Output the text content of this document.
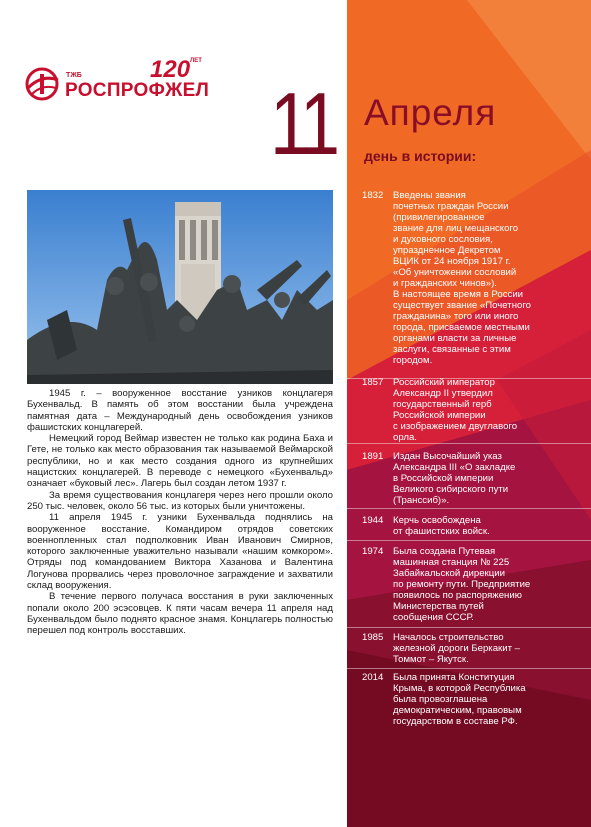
120 ЛЕТ
ТЖБ
РОСПРОФЖЕЛ 11 Апреля
день в истории:

1945 г. – вооруженное восстание узников концлагеря Бухенвальд. В память об этом восстании была учреждена памятная дата – Международный день освобождения узников фашистских концлагерей.

Немецкий город Веймар известен не только как родина Баха и Гете, не только как место образования так называемой Веймарской республики, но и как место создания одного из крупнейших нацистских концлагерей. В переводе с немецкого «Бухенвальд» означает «буковый лес». Лагерь был создан летом 1937 г.

За время существования концлагеря через него прошли около 250 тыс. человек, около 56 тыс. из которых были уничтожены.

11 апреля 1945 г. узники Бухенвальда поднялись на вооруженное восстание. Командиром отрядов советских военнопленных стал подполковник Иван Иванович Смирнов, которого заключенные уважительно называли «нашим комкором». Отряды под командованием Виктора Хазанова и Валентина Логунова прорвались через проволочное заграждение и захватили склад вооружения.

В течение первого получаса восстания в руки заключенных попали около 200 эсэсовцев. К пяти часам вечера 11 апреля над Бухенвальдом было поднято красное знамя. Концлагерь полностью перешел под контроль восставших.

1832	Введены звания
почетных граждан России
(привилегированное
звание для лиц мещанского
и духовного сословия,
упраздненное Декретом
ВЦИК от 24 ноября 1917 г.
«Об уничтожении сословий
и гражданских чинов»).
В настоящее время в России
существует звание «Почетного
гражданина» того или иного
города, присваемое местными
органами власти за личные
заслуги, связанные с этим
городом.
1857	Российский император
Александр II утвердил
государственный герб
Российской империи
с изображением двуглавого
орла.
1891	Издан Высочайший указ
Александра III «О закладке
в Российской империи
Великого сибирского пути
(Транссиб)».
1944	Керчь освобождена
от фашистских войск.
1974	Была создана Путевая
машинная станция № 225
Забайкальской дирекции
по ремонту пути. Предприятие
появилось по распоряжению
Министерства путей
сообщения СССР.
1985	Началось строительство
железной дороги Беркакит –
Томмот – Якутск.
2014	Была принята Конституция
Крыма, в которой Республика
была провозглашена
демократическим, правовым
государством в составе РФ.
